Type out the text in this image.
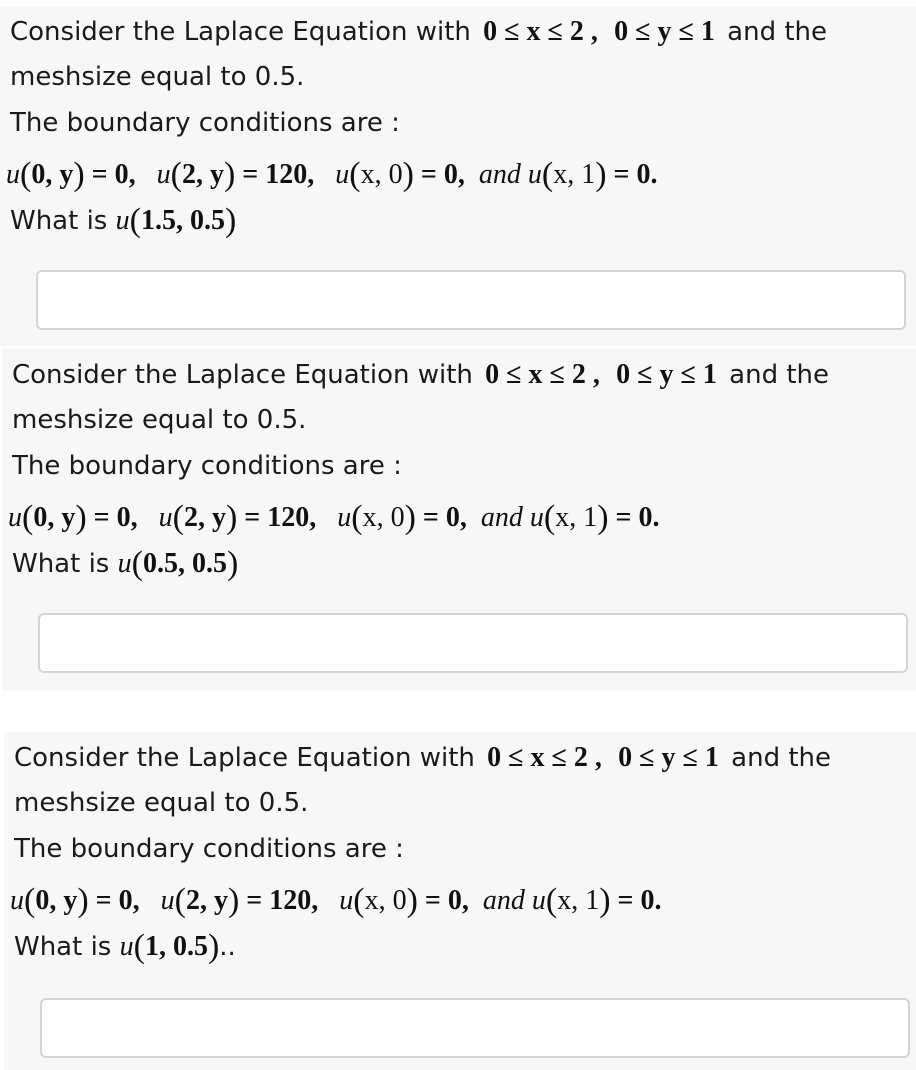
Consider the Laplace Equation with 0 ≤ x ≤ 2 , 0 ≤ y ≤ 1 and the
meshsize equal to 0.5.
The boundary conditions are :
u(0, y) = 0, u(2, y) = 120, u(x, 0) = 0, and u(x, 1) = 0.
What is u(1.5, 0.5)
Consider the Laplace Equation with 0 ≤ x ≤ 2 , 0 ≤ y ≤ 1 and the
meshsize equal to 0.5.
The boundary conditions are :
u(0, y) = 0, u(2, y) = 120, u(x, 0) = 0, and u(x, 1) = 0.
What is u(0.5, 0.5)
Consider the Laplace Equation with 0 ≤ x ≤ 2 , 0 ≤ y ≤ 1 and the
meshsize equal to 0.5.
The boundary conditions are :
u(0, y) = 0, u(2, y) = 120, u(x, 0) = 0, and u(x, 1) = 0.
What is u(1, 0.5)..
